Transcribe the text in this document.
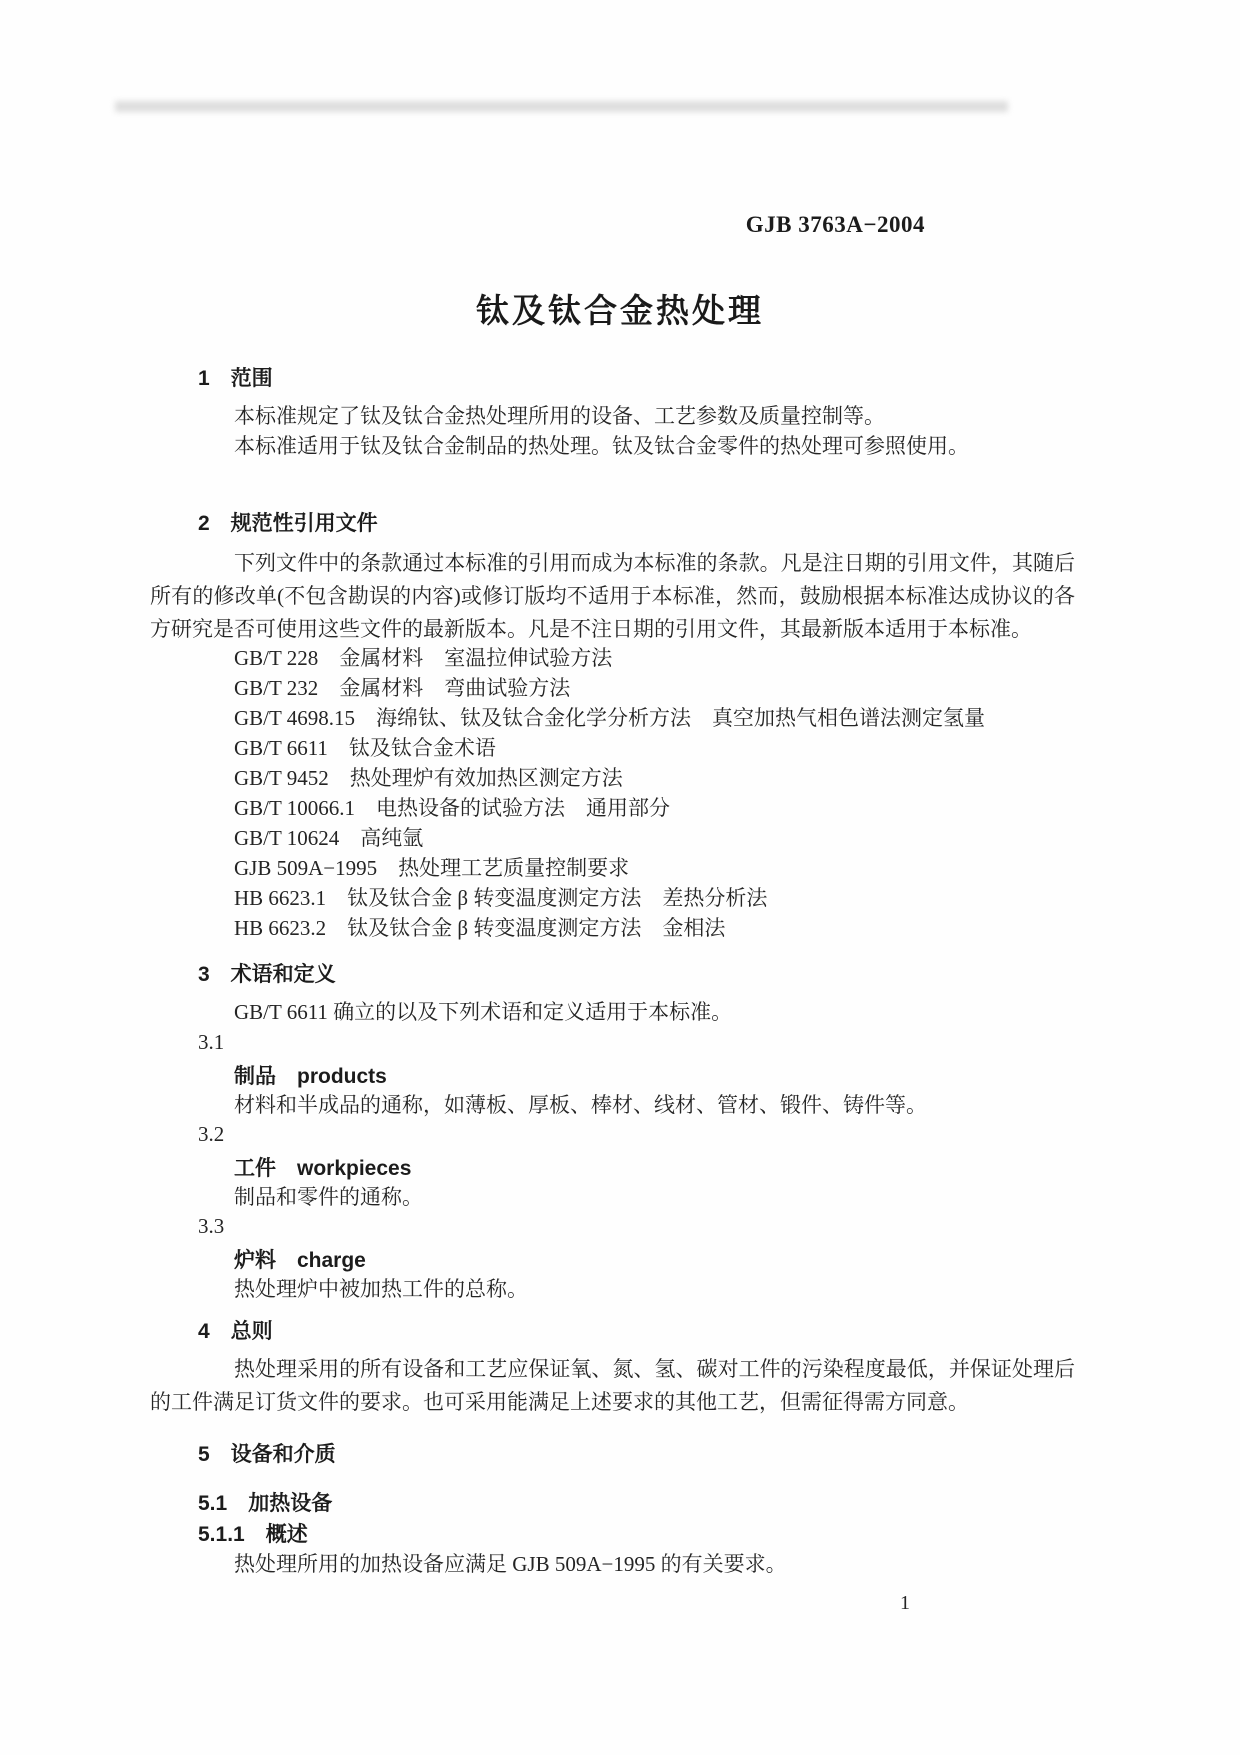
GJB 3763A−2004
钛及钛合金热处理
1　范围
本标准规定了钛及钛合金热处理所用的设备、工艺参数及质量控制等。
本标准适用于钛及钛合金制品的热处理。钛及钛合金零件的热处理可参照使用。
2　规范性引用文件
下列文件中的条款通过本标准的引用而成为本标准的条款。凡是注日期的引用文件，其随后所有的修改单(不包含勘误的内容)或修订版均不适用于本标准，然而，鼓励根据本标准达成协议的各方研究是否可使用这些文件的最新版本。凡是不注日期的引用文件，其最新版本适用于本标准。
GB/T 228　金属材料　室温拉伸试验方法
GB/T 232　金属材料　弯曲试验方法
GB/T 4698.15　海绵钛、钛及钛合金化学分析方法　真空加热气相色谱法测定氢量
GB/T 6611　钛及钛合金术语
GB/T 9452　热处理炉有效加热区测定方法
GB/T 10066.1　电热设备的试验方法　通用部分
GB/T 10624　高纯氩
GJB 509A−1995　热处理工艺质量控制要求
HB 6623.1　钛及钛合金 β 转变温度测定方法　差热分析法
HB 6623.2　钛及钛合金 β 转变温度测定方法　金相法
3　术语和定义
GB/T 6611 确立的以及下列术语和定义适用于本标准。
3.1
制品　products
材料和半成品的通称，如薄板、厚板、棒材、线材、管材、锻件、铸件等。
3.2
工件　workpieces
制品和零件的通称。
3.3
炉料　charge
热处理炉中被加热工件的总称。
4　总则
热处理采用的所有设备和工艺应保证氧、氮、氢、碳对工件的污染程度最低，并保证处理后的工件满足订货文件的要求。也可采用能满足上述要求的其他工艺，但需征得需方同意。
5　设备和介质
5.1　加热设备
5.1.1　概述
热处理所用的加热设备应满足 GJB 509A−1995 的有关要求。
1
